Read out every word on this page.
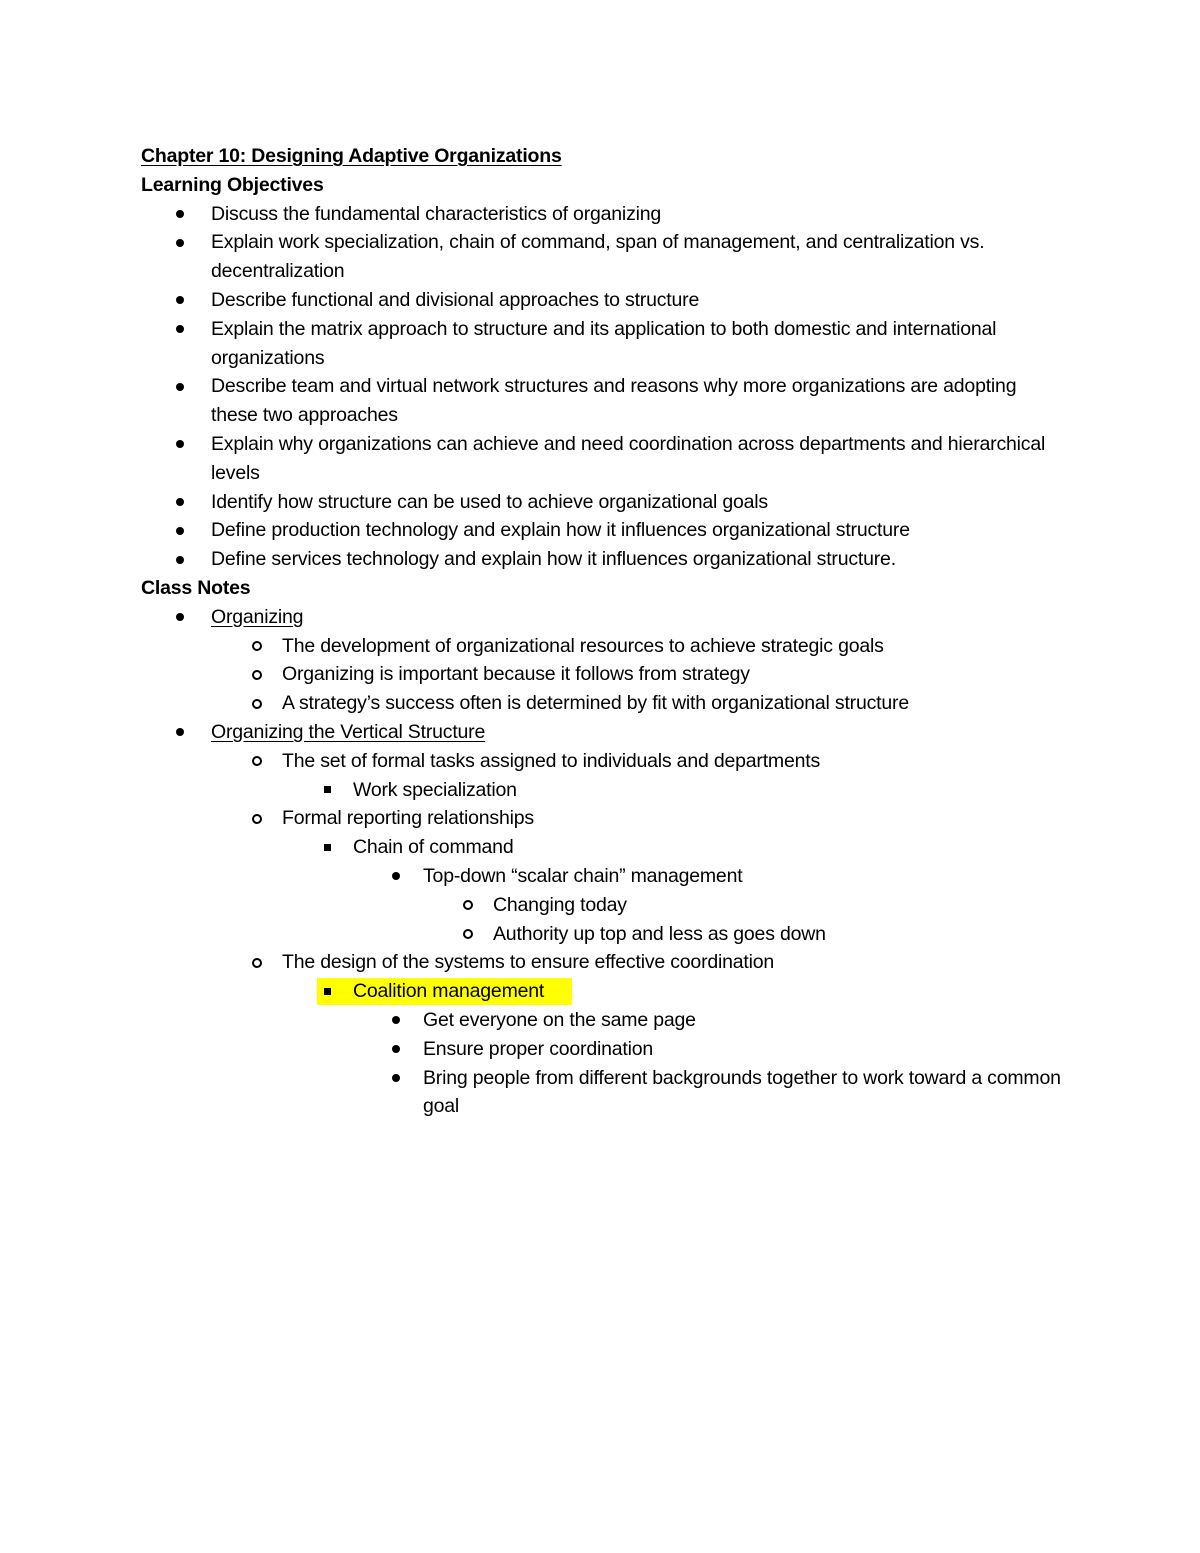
Chapter 10: Designing Adaptive Organizations

Learning Objectives

Discuss the fundamental characteristics of organizing
Explain work specialization, chain of command, span of management, and centralization vs. decentralization
Describe functional and divisional approaches to structure
Explain the matrix approach to structure and its application to both domestic and international organizations
Describe team and virtual network structures and reasons why more organizations are adopting these two approaches
Explain why organizations can achieve and need coordination across departments and hierarchical levels
Identify how structure can be used to achieve organizational goals
Define production technology and explain how it influences organizational structure
Define services technology and explain how it influences organizational structure.

Class Notes

Organizing
The development of organizational resources to achieve strategic goals
Organizing is important because it follows from strategy
A strategy’s success often is determined by fit with organizational structure
Organizing the Vertical Structure
The set of formal tasks assigned to individuals and departments
Work specialization
Formal reporting relationships
Chain of command
Top-down “scalar chain” management
Changing today
Authority up top and less as goes down
The design of the systems to ensure effective coordination
Coalition management
Get everyone on the same page
Ensure proper coordination
Bring people from different backgrounds together to work toward a common goal
